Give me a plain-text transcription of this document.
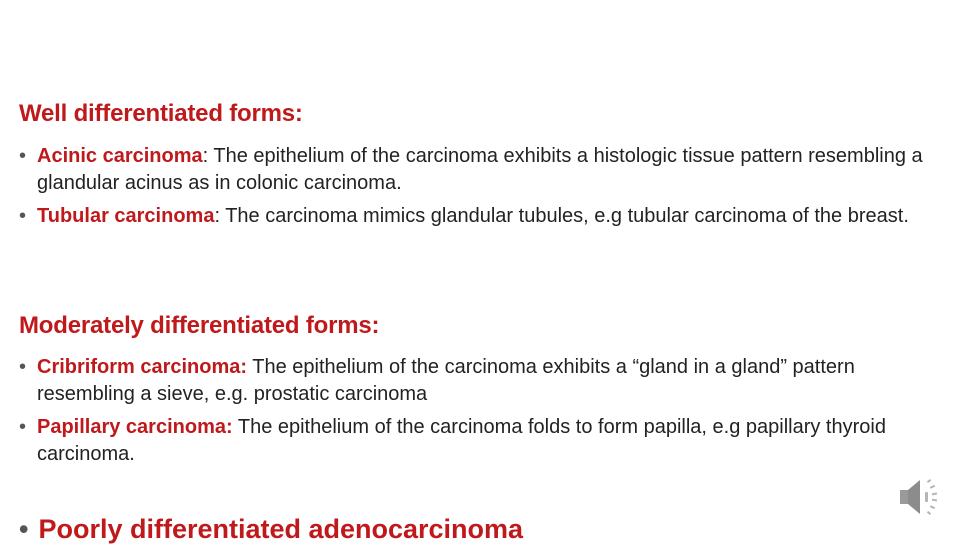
Well differentiated forms:
• Acinic carcinoma: The epithelium of the carcinoma exhibits a histologic tissue pattern resembling a glandular acinus as in colonic carcinoma.
• Tubular carcinoma: The carcinoma mimics glandular tubules, e.g tubular carcinoma of the breast.
Moderately differentiated forms:
• Cribriform carcinoma: The epithelium of the carcinoma exhibits a “gland in a gland” pattern resembling a sieve, e.g. prostatic carcinoma
• Papillary carcinoma: The epithelium of the carcinoma folds to form papilla, e.g papillary thyroid carcinoma.
• Poorly differentiated adenocarcinoma
